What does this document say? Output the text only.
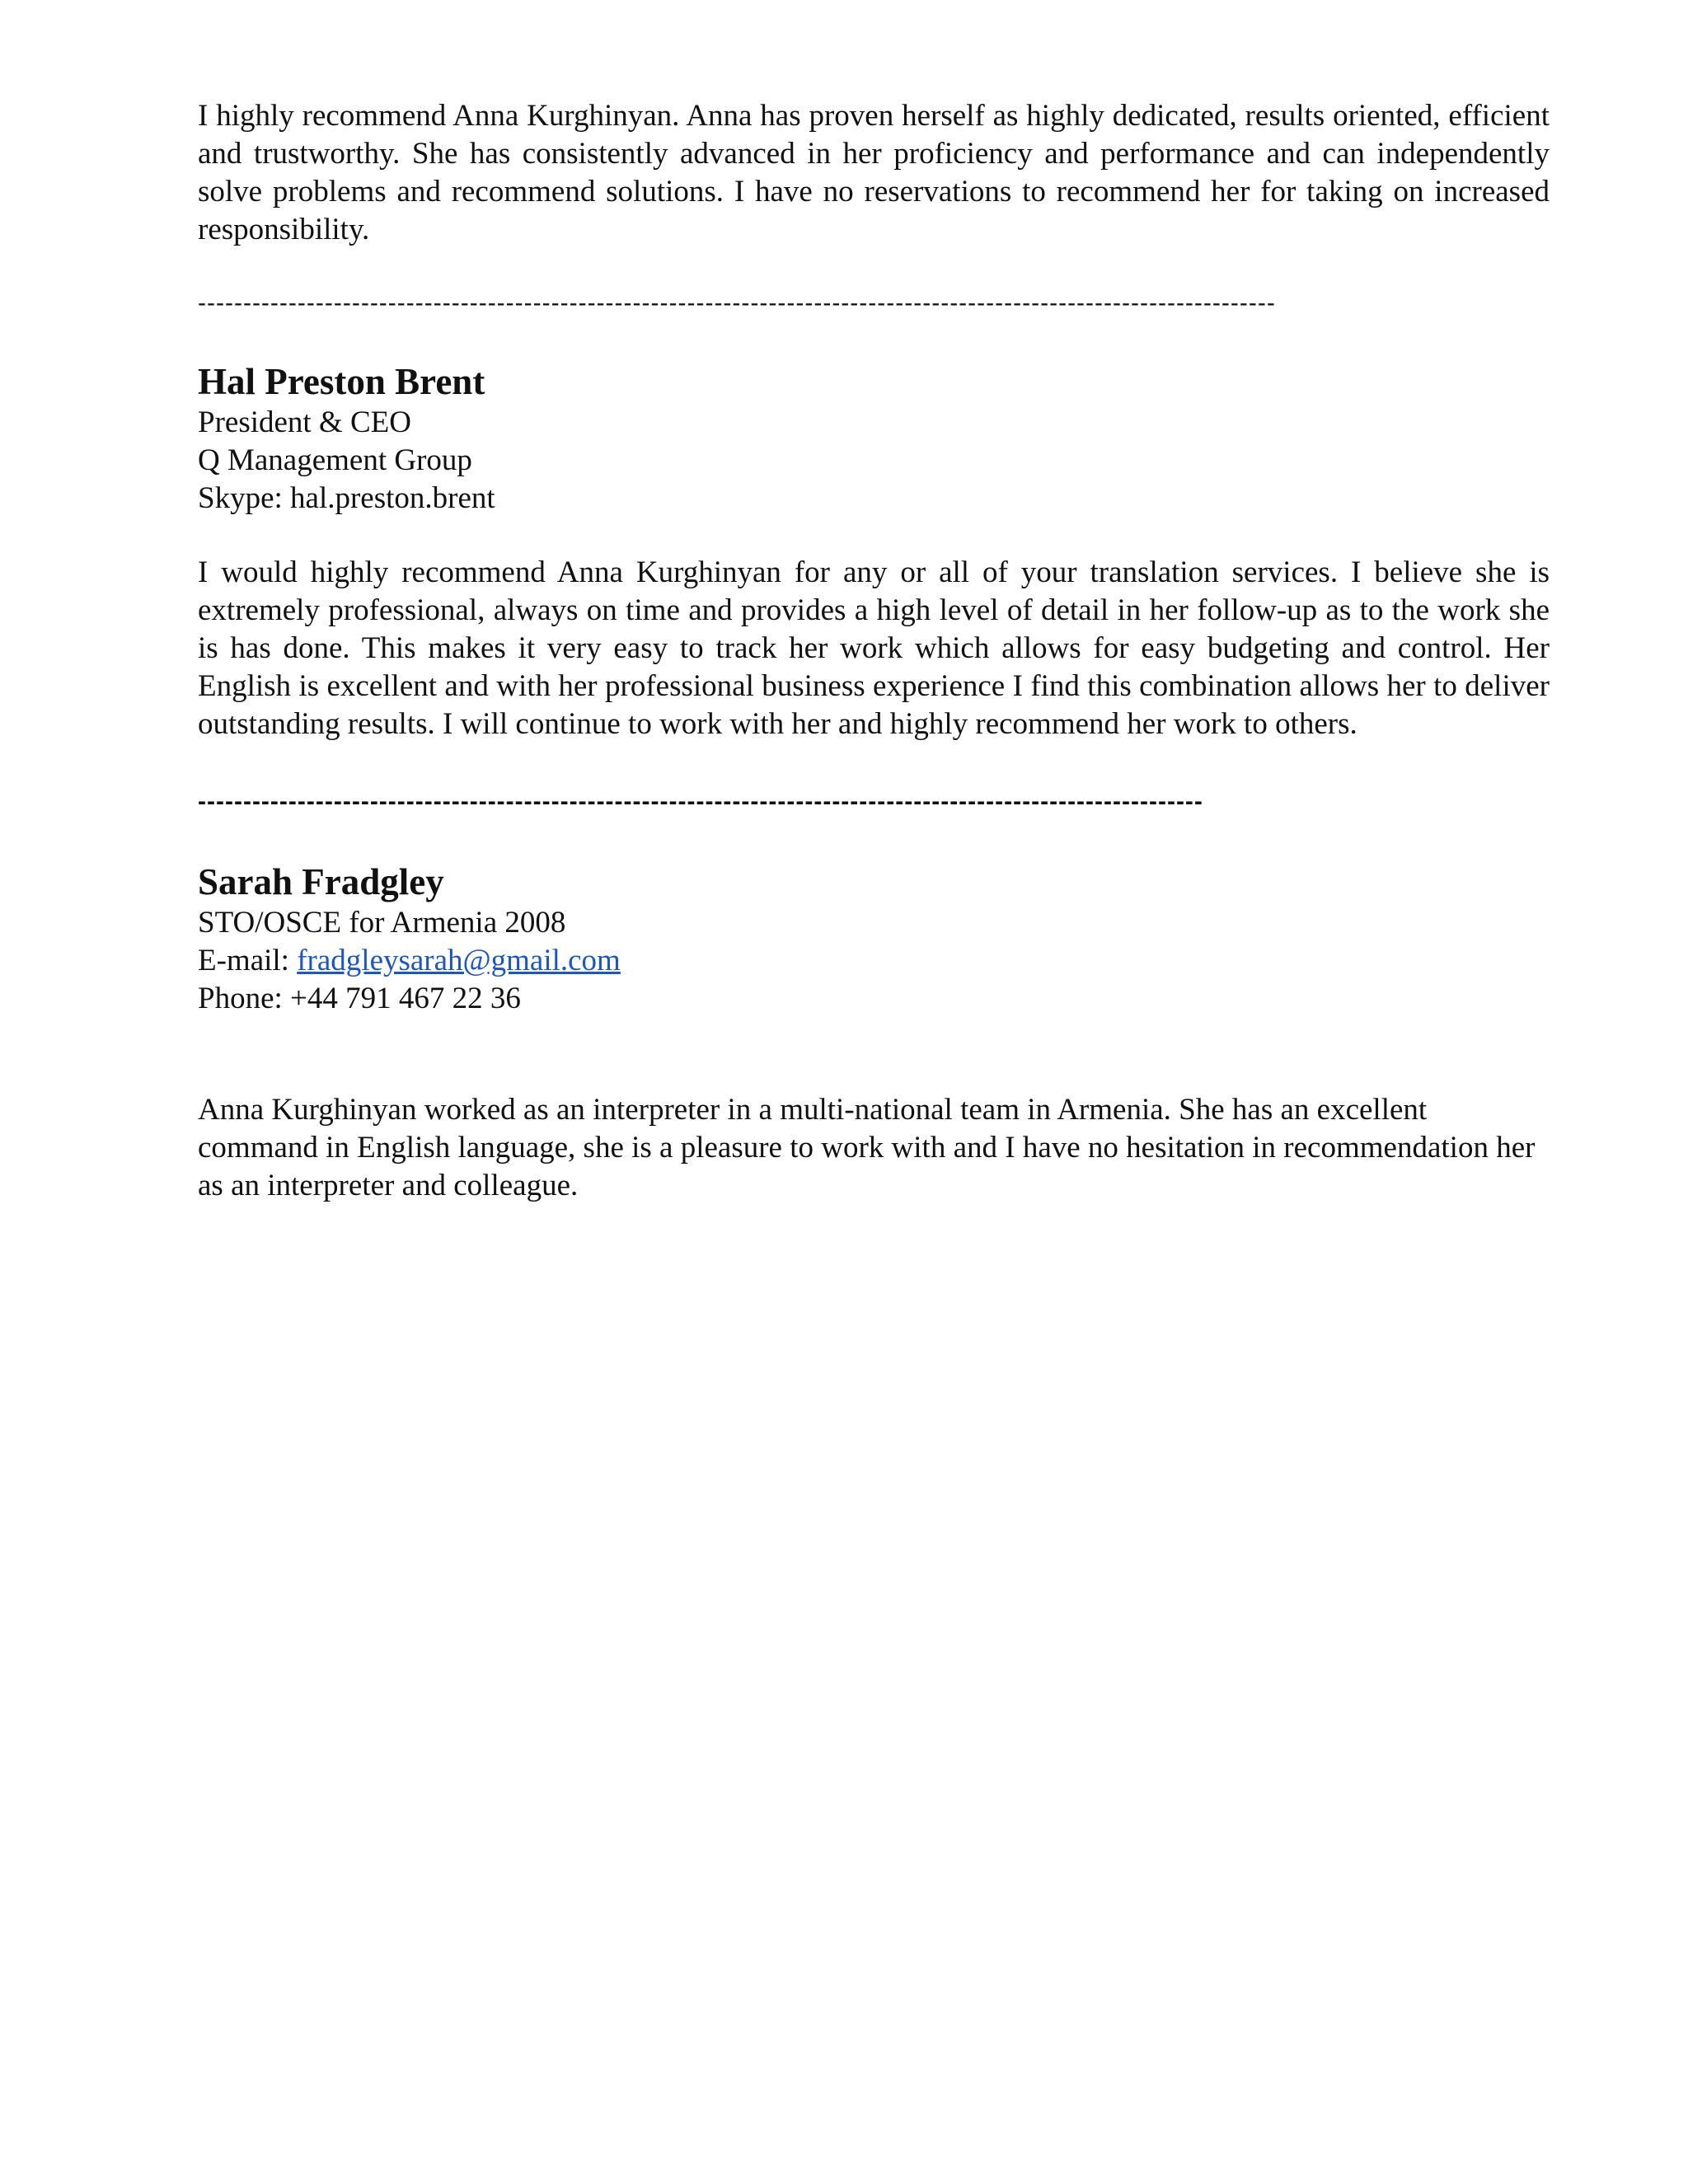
I highly recommend Anna Kurghinyan. Anna has proven herself as highly dedicated, results oriented, efficient and trustworthy. She has consistently advanced in her proficiency and performance and can independently solve problems and recommend solutions. I have no reservations to recommend her for taking on increased responsibility.

-----------------------------------------------------------------------------------------------------------------------

Hal Preston Brent

President & CEO

Q Management Group

Skype: hal.preston.brent

I would highly recommend Anna Kurghinyan for any or all of your translation services. I believe she is extremely professional, always on time and provides a high level of detail in her follow-up as to the work she is has done. This makes it very easy to track her work which allows for easy budgeting and control. Her English is excellent and with her professional business experience I find this combination allows her to deliver outstanding results. I will continue to work with her and highly recommend her work to others.

---------------------------------------------------------------------------------------------------------------

Sarah Fradgley

STO/OSCE for Armenia 2008

E-mail: fradgleysarah@gmail.com

Phone: +44 791 467 22 36

Anna Kurghinyan worked as an interpreter in a multi-national team in Armenia. She has an excellent command in English language, she is a pleasure to work with and I have no hesitation in recommendation her as an interpreter and colleague.
